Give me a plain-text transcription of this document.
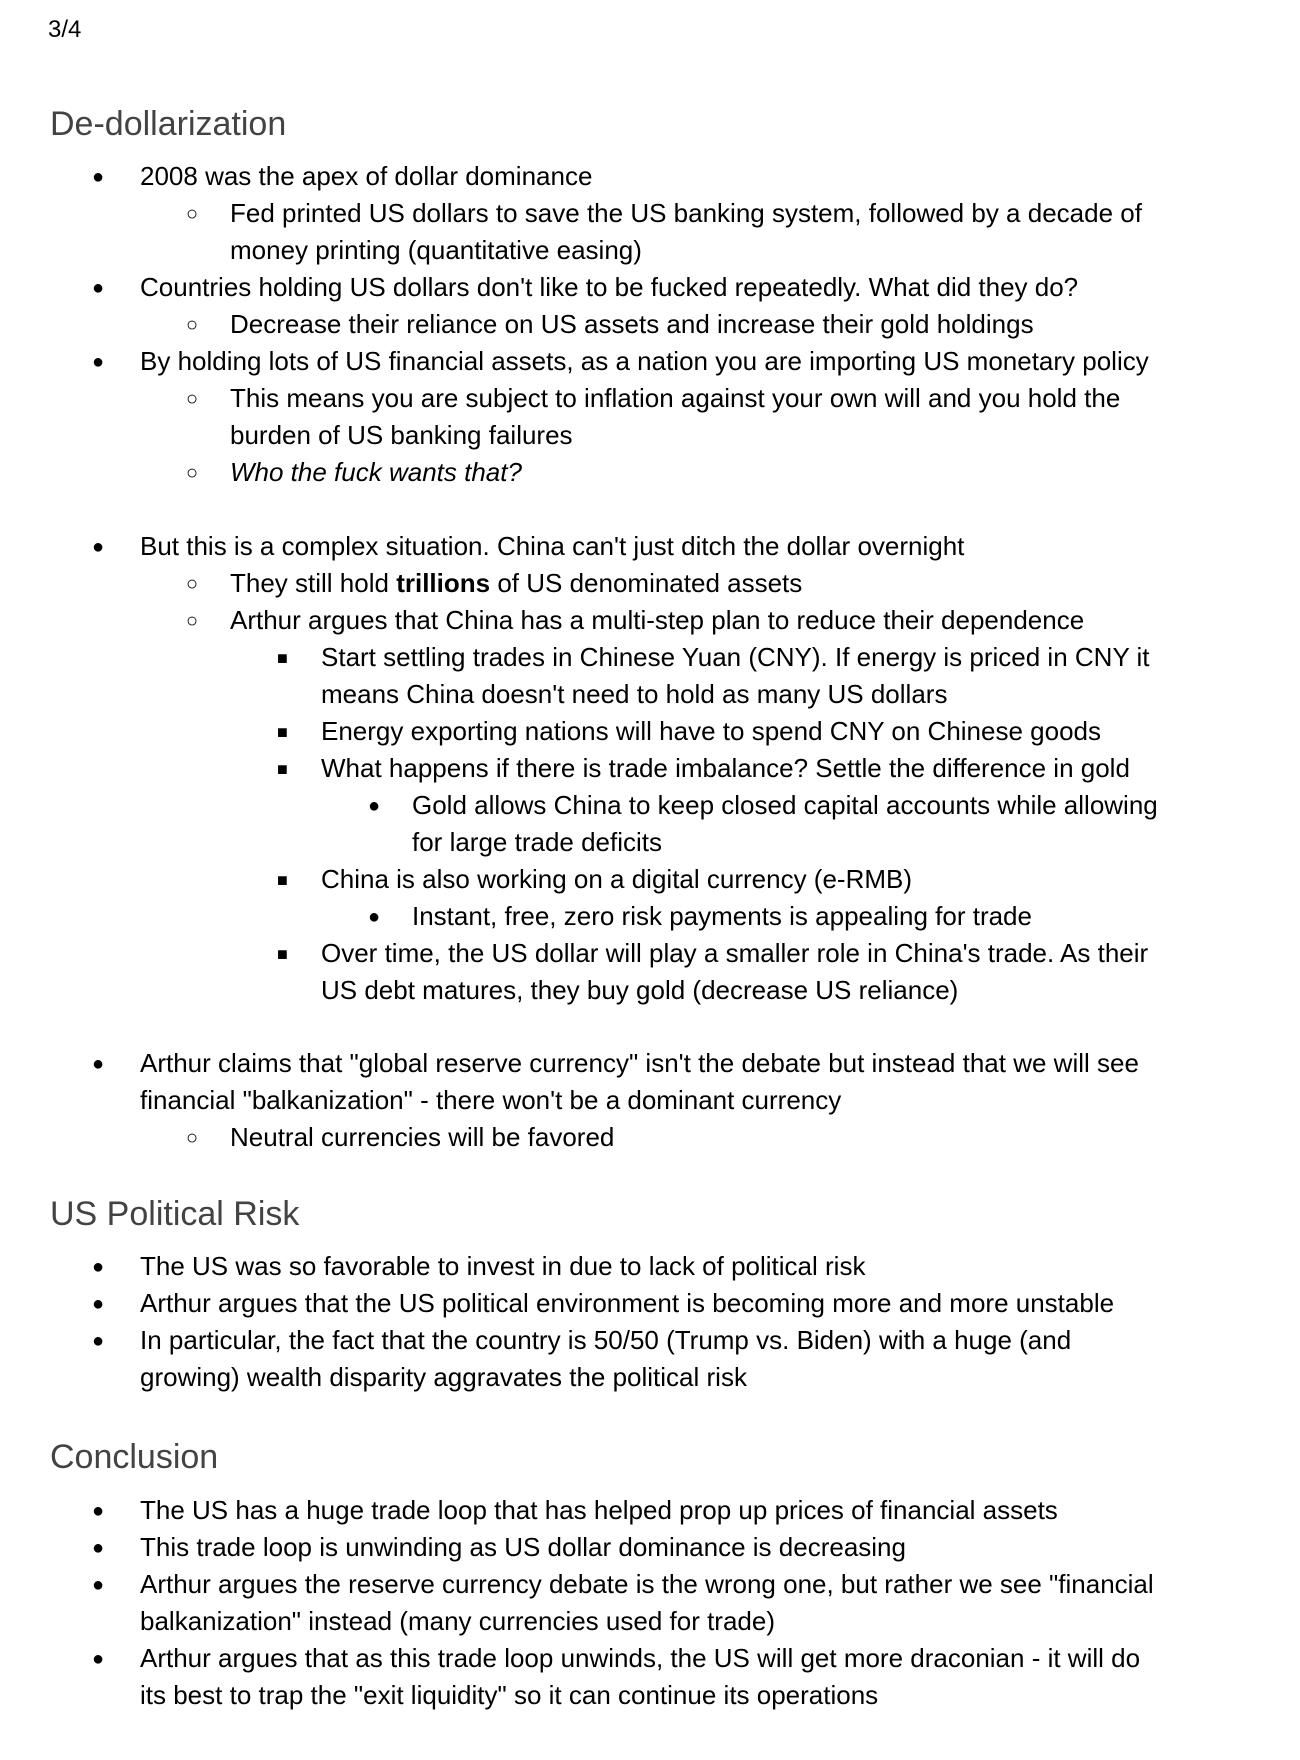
3/4
De-dollarization
●
2008 was the apex of dollar dominance
○
Fed printed US dollars to save the US banking system, followed by a decade of
money printing (quantitative easing)
●
Countries holding US dollars don't like to be fucked repeatedly. What did they do?
○
Decrease their reliance on US assets and increase their gold holdings
●
By holding lots of US financial assets, as a nation you are importing US monetary policy
○
This means you are subject to inflation against your own will and you hold the
burden of US banking failures
○
Who the fuck wants that?
●
But this is a complex situation. China can't just ditch the dollar overnight
○
They still hold trillions of US denominated assets
○
Arthur argues that China has a multi-step plan to reduce their dependence
■
Start settling trades in Chinese Yuan (CNY). If energy is priced in CNY it
means China doesn't need to hold as many US dollars
■
Energy exporting nations will have to spend CNY on Chinese goods
■
What happens if there is trade imbalance? Settle the difference in gold
●
Gold allows China to keep closed capital accounts while allowing
for large trade deficits
■
China is also working on a digital currency (e-RMB)
●
Instant, free, zero risk payments is appealing for trade
■
Over time, the US dollar will play a smaller role in China's trade. As their
US debt matures, they buy gold (decrease US reliance)
●
Arthur claims that "global reserve currency" isn't the debate but instead that we will see
financial "balkanization" - there won't be a dominant currency
○
Neutral currencies will be favored
US Political Risk
●
The US was so favorable to invest in due to lack of political risk
●
Arthur argues that the US political environment is becoming more and more unstable
●
In particular, the fact that the country is 50/50 (Trump vs. Biden) with a huge (and
growing) wealth disparity aggravates the political risk
Conclusion
●
The US has a huge trade loop that has helped prop up prices of financial assets
●
This trade loop is unwinding as US dollar dominance is decreasing
●
Arthur argues the reserve currency debate is the wrong one, but rather we see "financial
balkanization" instead (many currencies used for trade)
●
Arthur argues that as this trade loop unwinds, the US will get more draconian - it will do
its best to trap the "exit liquidity" so it can continue its operations
